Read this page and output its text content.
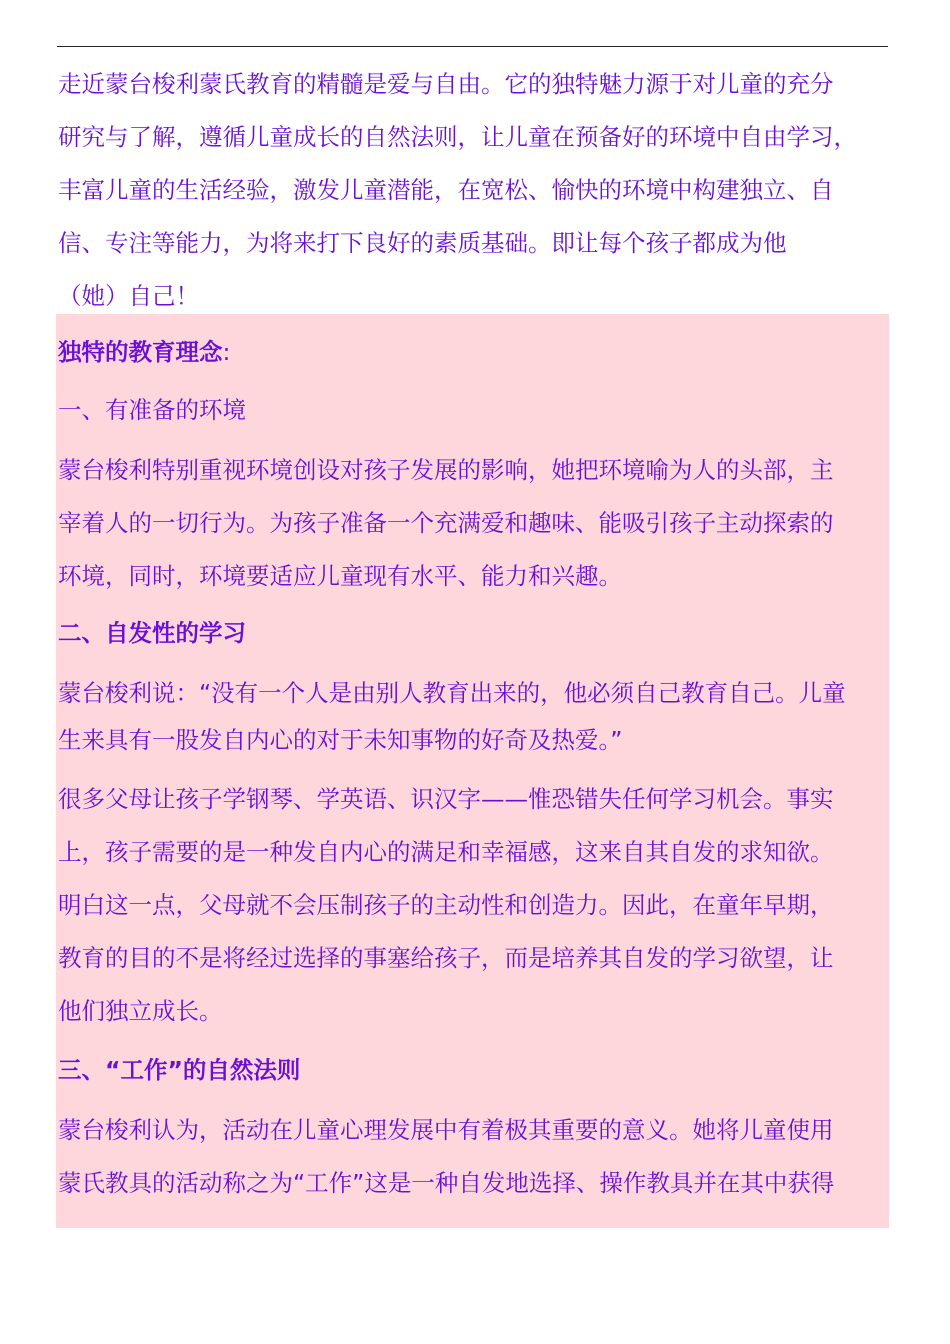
走近蒙台梭利蒙氏教育的精髓是爱与自由。它的独特魅力源于对儿童的充分
研究与了解，遵循儿童成长的自然法则，让儿童在预备好的环境中自由学习，
丰富儿童的生活经验，激发儿童潜能，在宽松、愉快的环境中构建独立、自
信、专注等能力，为将来打下良好的素质基础。即让每个孩子都成为他
（她）自己！
独特的教育理念:
一、有准备的环境
蒙台梭利特别重视环境创设对孩子发展的影响，她把环境喻为人的头部，主
宰着人的一切行为。为孩子准备一个充满爱和趣味、能吸引孩子主动探索的
环境，同时，环境要适应儿童现有水平、能力和兴趣。
二、自发性的学习
蒙台梭利说：“没有一个人是由别人教育出来的，他必须自己教育自己。儿童
生来具有一股发自内心的对于未知事物的好奇及热爱。”
很多父母让孩子学钢琴、学英语、识汉字——惟恐错失任何学习机会。事实
上，孩子需要的是一种发自内心的满足和幸福感，这来自其自发的求知欲。
明白这一点，父母就不会压制孩子的主动性和创造力。因此，在童年早期，
教育的目的不是将经过选择的事塞给孩子，而是培养其自发的学习欲望，让
他们独立成长。
三、“工作”的自然法则
蒙台梭利认为，活动在儿童心理发展中有着极其重要的意义。她将儿童使用
蒙氏教具的活动称之为“工作”这是一种自发地选择、操作教具并在其中获得
